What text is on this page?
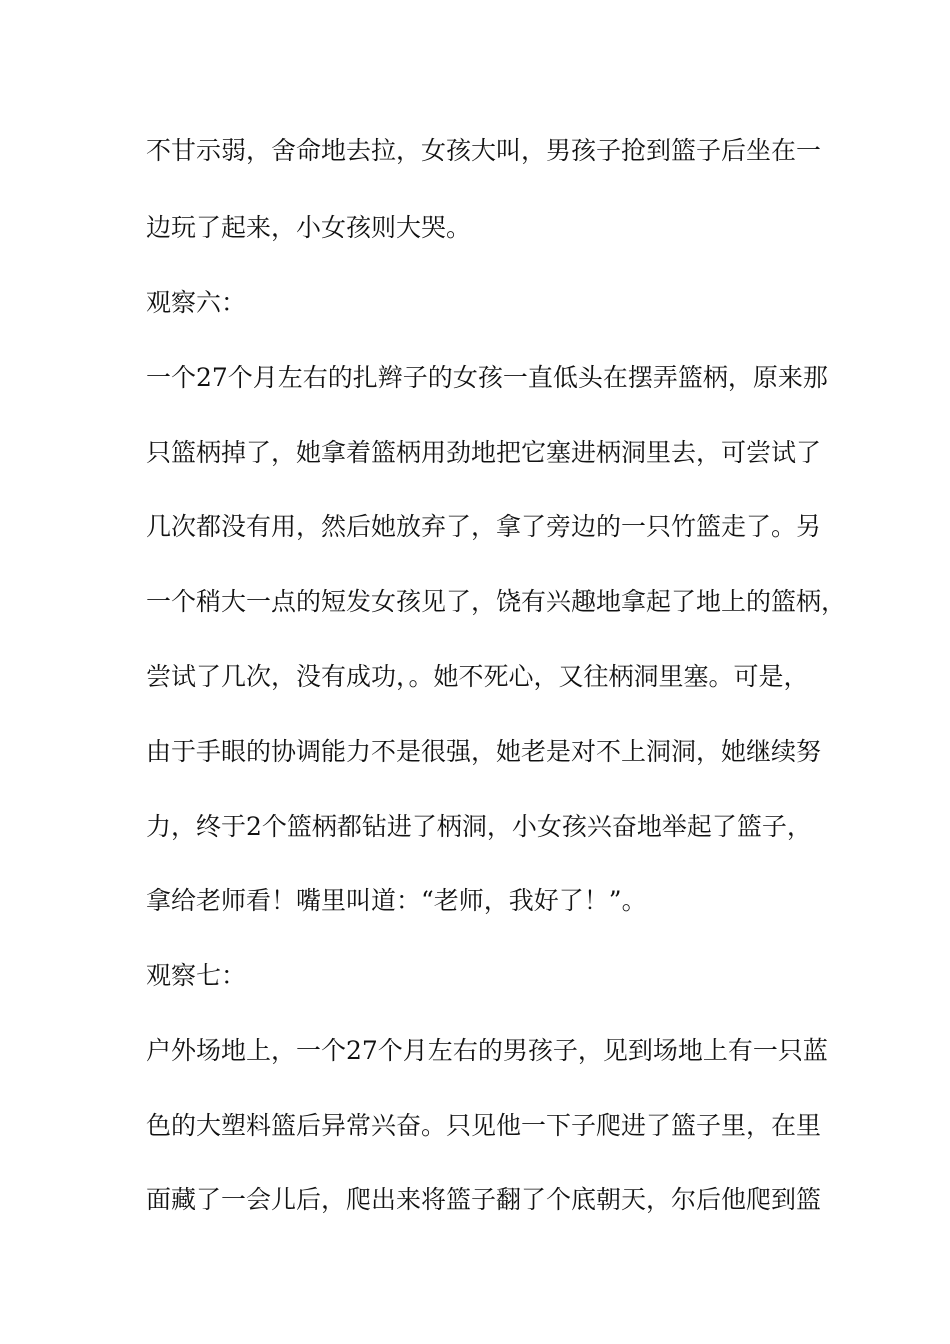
不甘示弱，舍命地去拉，女孩大叫，男孩子抢到篮子后坐在一

边玩了起来，小女孩则大哭。

观察六：

一个27个月左右的扎辫子的女孩一直低头在摆弄篮柄，原来那

只篮柄掉了，她拿着篮柄用劲地把它塞进柄洞里去，可尝试了

几次都没有用，然后她放弃了，拿了旁边的一只竹篮走了。另

一个稍大一点的短发女孩见了，饶有兴趣地拿起了地上的篮柄，

尝试了几次，没有成功，。她不死心，又往柄洞里塞。可是，

由于手眼的协调能力不是很强，她老是对不上洞洞，她继续努

力，终于2个篮柄都钻进了柄洞，小女孩兴奋地举起了篮子，

拿给老师看！嘴里叫道：“老师，我好了！”。

观察七：

户外场地上，一个27个月左右的男孩子，见到场地上有一只蓝

色的大塑料篮后异常兴奋。只见他一下子爬进了篮子里，在里

面藏了一会儿后，爬出来将篮子翻了个底朝天，尔后他爬到篮
